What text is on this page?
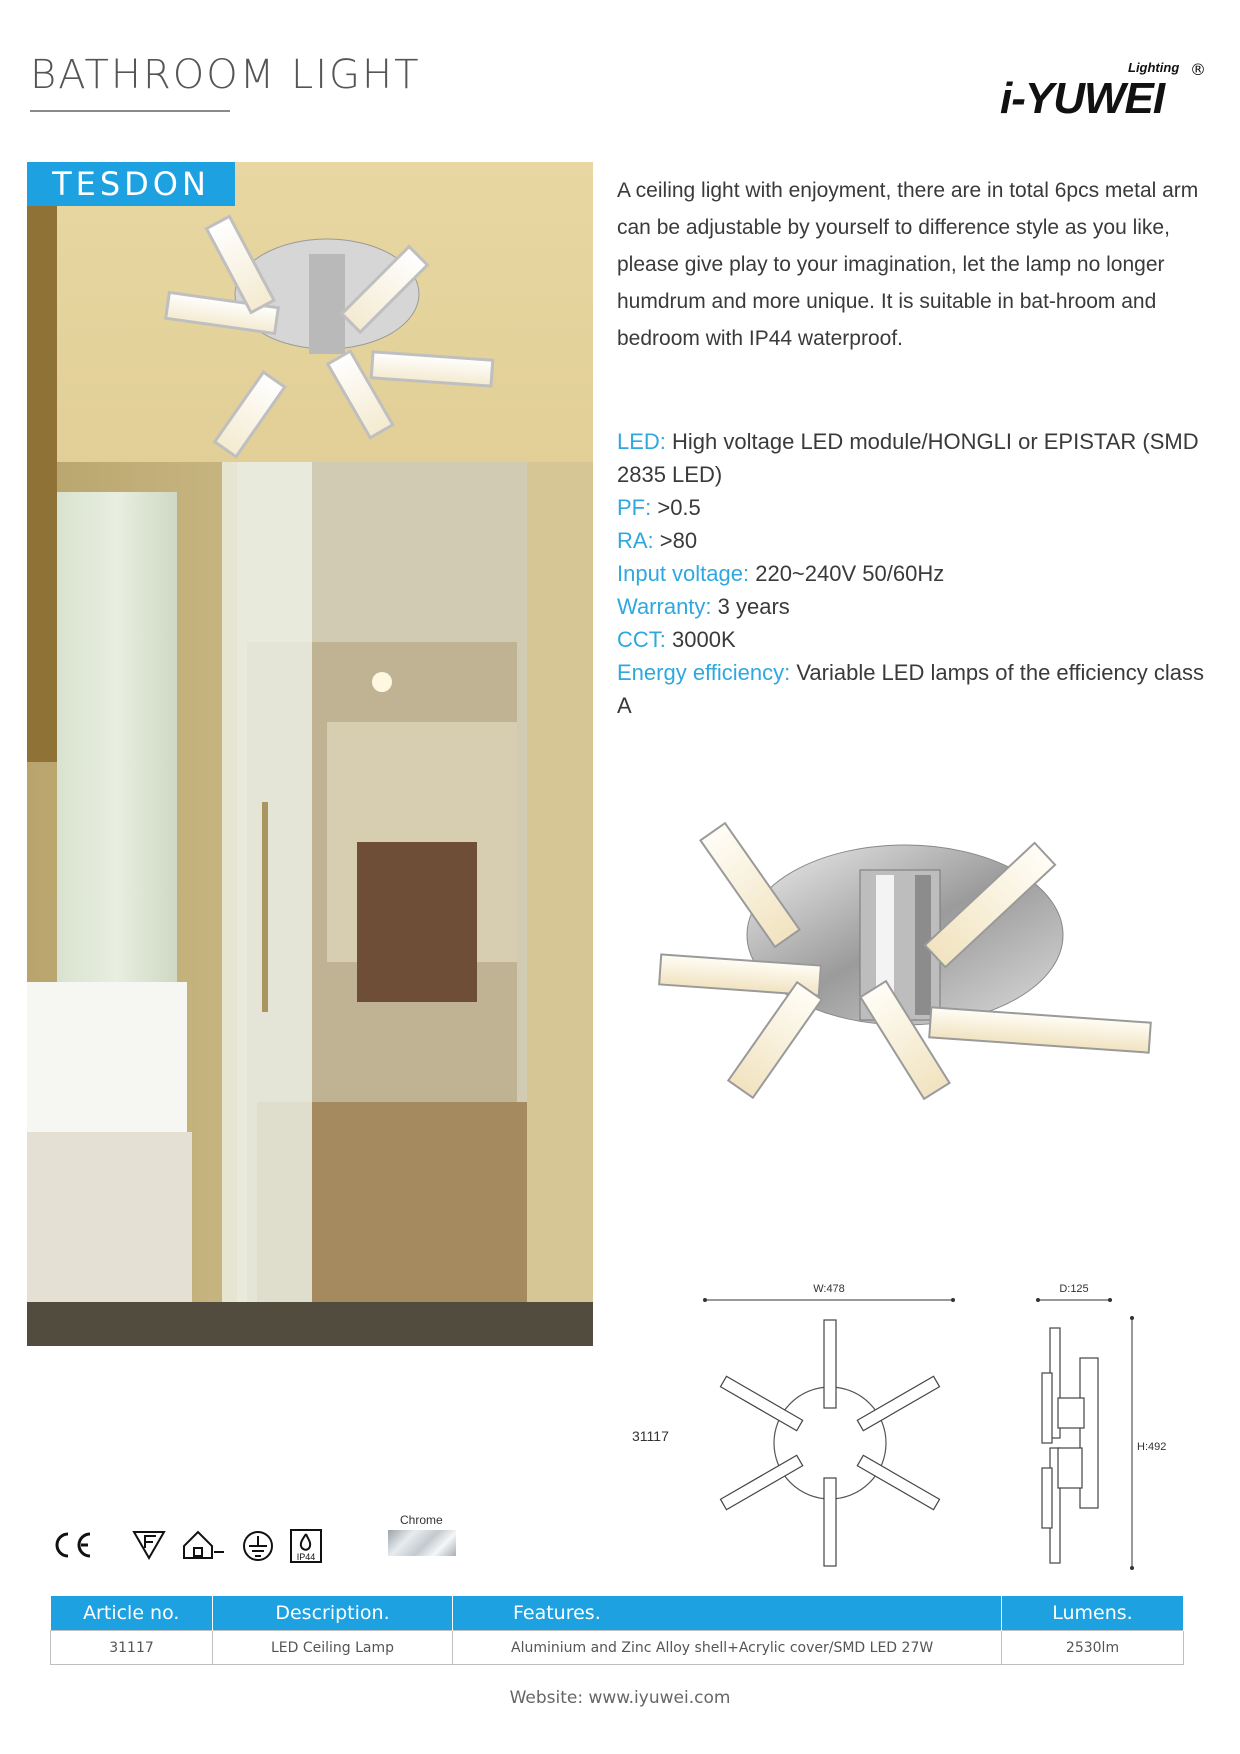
BATHROOM LIGHT	i-YUWEI
Lighting ®
TESDON	A ceiling light with enjoyment, there are in total 6pcs metal arm can be adjustable by yourself to difference style as you like, please give play to your imagination, let the lamp no longer humdrum and more unique. It is suitable in bat-hroom and bedroom with IP44 waterproof.
LED: High voltage LED module/HONGLI or EPISTAR (SMD 2835 LED)
PF: >0.5
RA: >80
Input voltage: 220~240V 50/60Hz
Warranty: 3 years
CCT: 3000K
Energy efficiency: Variable LED lamps of the efficiency class A
W:478	D:125
H:492
31117
IP44
Chrome
Article no.	Description.	Features.	Lumens.
31117	LED Ceiling Lamp	Aluminium and Zinc Alloy shell+Acrylic cover/SMD LED 27W	2530lm
Website: www.iyuwei.com
